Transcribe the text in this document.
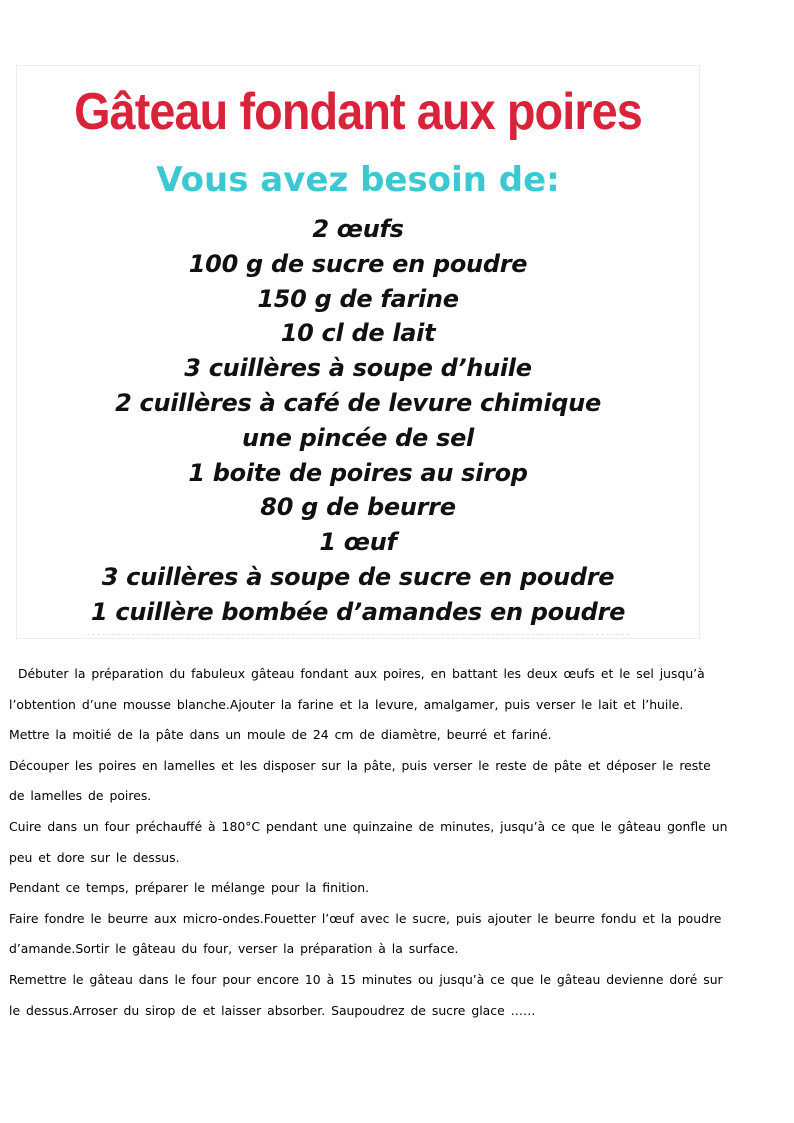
Gâteau fondant aux poires
Vous avez besoin de:
2 œufs
100 g de sucre en poudre
150 g de farine
10 cl de lait
3 cuillères à soupe d’huile
2 cuillères à café de levure chimique
une pincée de sel
1 boite de poires au sirop
80 g de beurre
1 œuf
3 cuillères à soupe de sucre en poudre
1 cuillère bombée d’amandes en poudre
Débuter la préparation du fabuleux gâteau fondant aux poires, en battant les deux œufs et le sel jusqu’à
l’obtention d’une mousse blanche.Ajouter la farine et la levure, amalgamer, puis verser le lait et l’huile.
Mettre la moitié de la pâte dans un moule de 24 cm de diamètre, beurré et fariné.
Découper les poires en lamelles et les disposer sur la pâte, puis verser le reste de pâte et déposer le reste
de lamelles de poires.
Cuire dans un four préchauffé à 180°C pendant une quinzaine de minutes, jusqu’à ce que le gâteau gonfle un
peu et dore sur le dessus.
Pendant ce temps, préparer le mélange pour la finition.
Faire fondre le beurre aux micro-ondes.Fouetter l’œuf avec le sucre, puis ajouter le beurre fondu et la poudre
d’amande.Sortir le gâteau du four, verser la préparation à la surface.
Remettre le gâteau dans le four pour encore 10 à 15 minutes ou jusqu’à ce que le gâteau devienne doré sur
le dessus.Arroser du sirop de et laisser absorber. Saupoudrez de sucre glace ……
